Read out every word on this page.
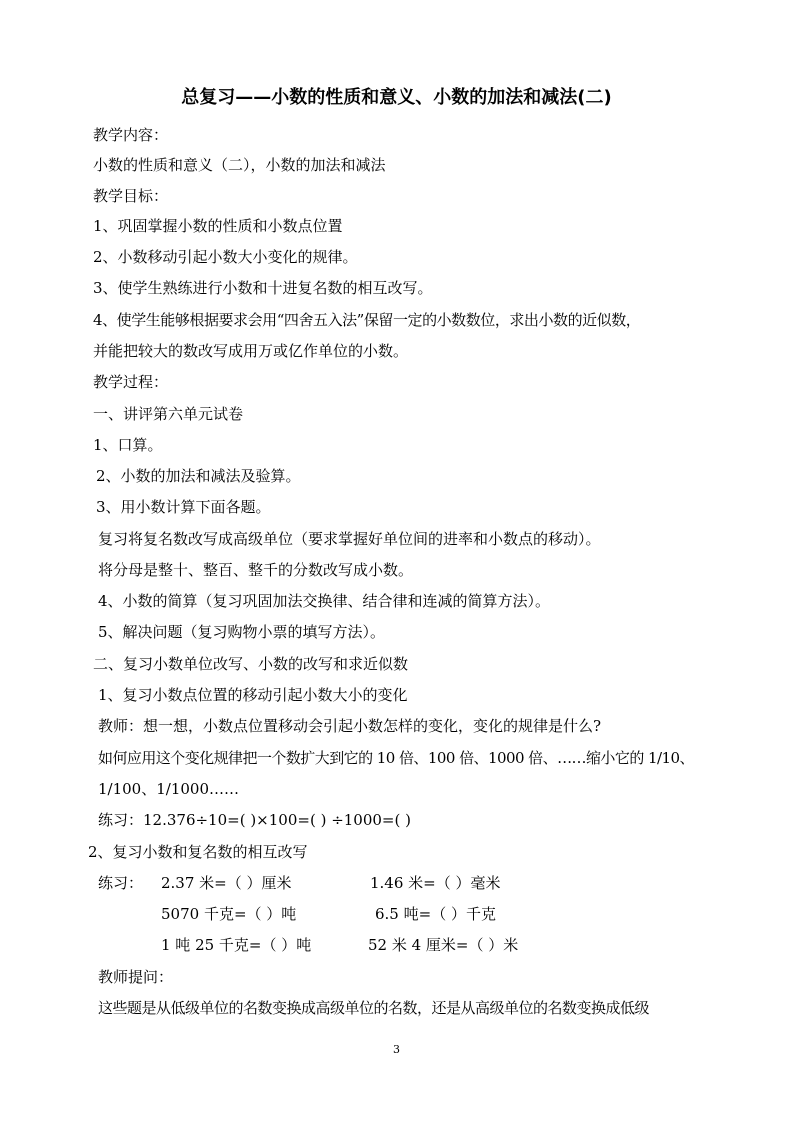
总复习——小数的性质和意义、小数的加法和减法(二)
教学内容：
小数的性质和意义（二），小数的加法和减法
教学目标：
1、巩固掌握小数的性质和小数点位置
2、小数移动引起小数大小变化的规律。
3、使学生熟练进行小数和十进复名数的相互改写。
4、使学生能够根据要求会用“四舍五入法”保留一定的小数数位，求出小数的近似数，
并能把较大的数改写成用万或亿作单位的小数。
教学过程：
一、讲评第六单元试卷
1、口算。
2、小数的加法和减法及验算。
3、用小数计算下面各题。
复习将复名数改写成高级单位（要求掌握好单位间的进率和小数点的移动）。
将分母是整十、整百、整千的分数改写成小数。
4、小数的简算（复习巩固加法交换律、结合律和连减的简算方法）。
5、解决问题（复习购物小票的填写方法）。
二、复习小数单位改写、小数的改写和求近似数
1、复习小数点位置的移动引起小数大小的变化
教师：想一想，小数点位置移动会引起小数怎样的变化，变化的规律是什么?
如何应用这个变化规律把一个数扩大到它的 10 倍、100 倍、1000 倍、……缩小它的 1/10、
1/100、1/1000……
练习：12.376÷10=( )×100=( ) ÷1000=( )
2、复习小数和复名数的相互改写
练习： 2.37 米=（ ）厘米	1.46 米=（ ）毫米
5070 千克=（ ）吨	6.5 吨=（ ）千克
1 吨 25 千克=（ ）吨	52 米 4 厘米=（ ）米
教师提问：
这些题是从低级单位的名数变换成高级单位的名数，还是从高级单位的名数变换成低级
3
